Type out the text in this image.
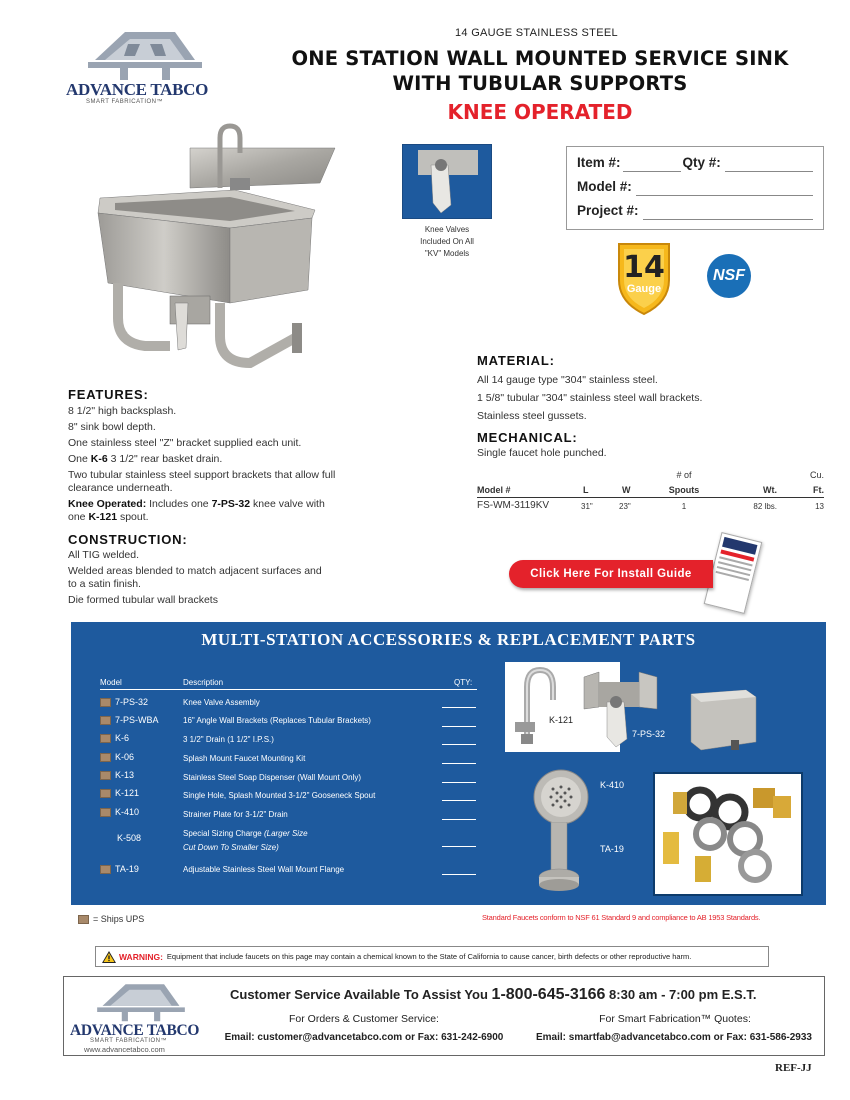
ADVANCE TABCO
SMART FABRICATION™
14 GAUGE STAINLESS STEEL
ONE STATION WALL MOUNTED SERVICE SINK
WITH TUBULAR SUPPORTS
KNEE OPERATED
Knee Valves
Included On All
"KV" Models
Item #:	Qty #:
Model #:
Project #:
14
Gauge
NSF
MATERIAL:
All 14 gauge type "304" stainless steel.
1 5/8" tubular "304" stainless steel wall brackets.
Stainless steel gussets.
MECHANICAL:
Single faucet hole punched.
# of	Cu.
Model #	L	W	Spouts	Wt.	Ft.
FS-WM-3119KV	31"	23"	1	82 lbs.	13
FEATURES:
8 1/2" high backsplash.
8" sink bowl depth.
One stainless steel "Z" bracket supplied each unit.
One K-6 3 1/2" rear basket drain.
Two tubular stainless steel support brackets that allow full
clearance underneath.
Knee Operated: Includes one 7-PS-32 knee valve with
one K-121 spout.
CONSTRUCTION:
All TIG welded.
Welded areas blended to match adjacent surfaces and
to a satin finish.
Die formed tubular wall brackets
Click Here For Install Guide
MULTI-STATION ACCESSORIES & REPLACEMENT PARTS
Model	Description	QTY:
7-PS-32	Knee Valve Assembly
7-PS-WBA	16" Angle Wall Brackets (Replaces Tubular Brackets)
K-6	3 1/2" Drain (1 1/2" I.P.S.)
K-06	Splash Mount Faucet Mounting Kit
K-13	Stainless Steel Soap Dispenser (Wall Mount Only)
K-121	Single Hole, Splash Mounted 3-1/2" Gooseneck Spout
K-410	Strainer Plate for 3-1/2" Drain
K-508	Special Sizing Charge (Larger Size
Cut Down To Smaller Size)
TA-19	Adjustable Stainless Steel Wall Mount Flange
K-121
7-PS-32
K-410
TA-19
= Ships UPS	Standard Faucets conform to NSF 61 Standard 9 and compliance to AB 1953 Standards.
WARNING: Equipment that include faucets on this page may contain a chemical known to the State of California to cause cancer, birth defects or other reproductive harm.
ADVANCE TABCO
SMART FABRICATION™
www.advancetabco.com
Customer Service Available To Assist You 1-800-645-3166 8:30 am - 7:00 pm E.S.T.
For Orders & Customer Service:
Email: customer@advancetabco.com or Fax: 631-242-6900
For Smart Fabrication™ Quotes:
Email: smartfab@advancetabco.com or Fax: 631-586-2933
REF-JJ
